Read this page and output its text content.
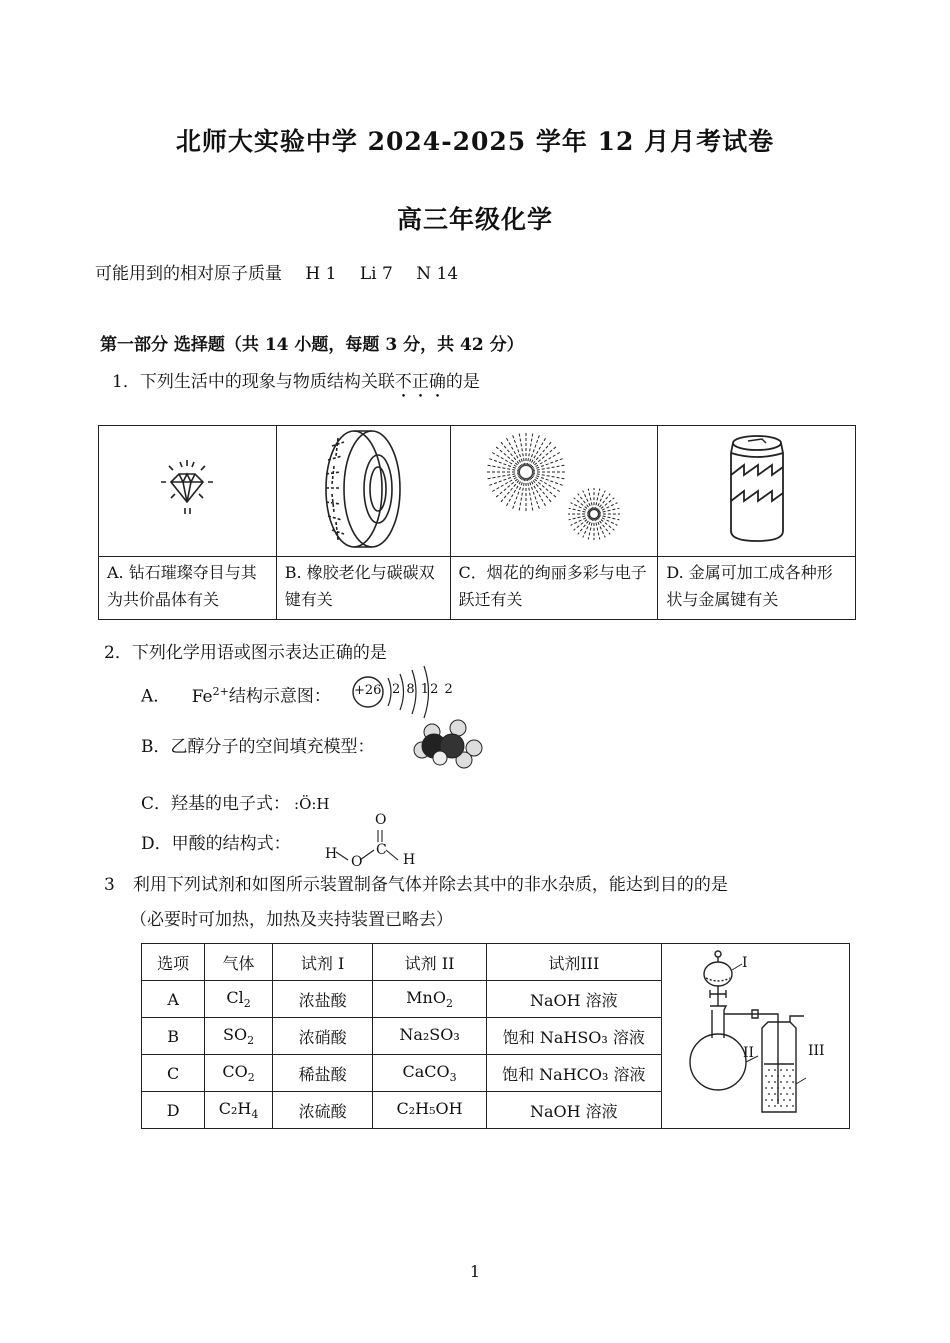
北师大实验中学 2024-2025 学年 12 月月考试卷
高三年级化学
可能用到的相对原子质量 H 1 Li 7 N 14
第一部分 选择题（共 14 小题，每题 3 分，共 42 分）
1．下列生活中的现象与物质结构关联不正确的是

A. 钻石璀璨夺目与其为共价晶体有关	B. 橡胶老化与碳碳双键有关	C．烟花的绚丽多彩与电子跃迁有关	D. 金属可加工成各种形状与金属键有关
2．下列化学用语或图示表达正确的是
A． $Fe^{2+}$结构示意图： +26 2 8 12 2
B．乙醇分子的空间填充模型：
C．羟基的电子式： :Ö:H
D．甲酸的结构式：
O
H O
C
H
3 利用下列试剂和如图所示装置制备气体并除去其中的非水杂质，能达到目的的是
（必要时可加热，加热及夹持装置已略去）
选项	气体	试剂 I	试剂 II	试剂III	
A	$Cl_2$	浓盐酸	MnO$_2$	NaOH 溶液	
B	$SO_2$	浓硝酸	Na₂SO₃	饱和 NaHSO₃ 溶液	
C	$CO_2$	稀盐酸	CaCO$_3$	饱和 NaHCO₃ 溶液	
D	$C_2H_4$	浓硫酸	C₂H₅OH	NaOH 溶液	
I
II	III
1
